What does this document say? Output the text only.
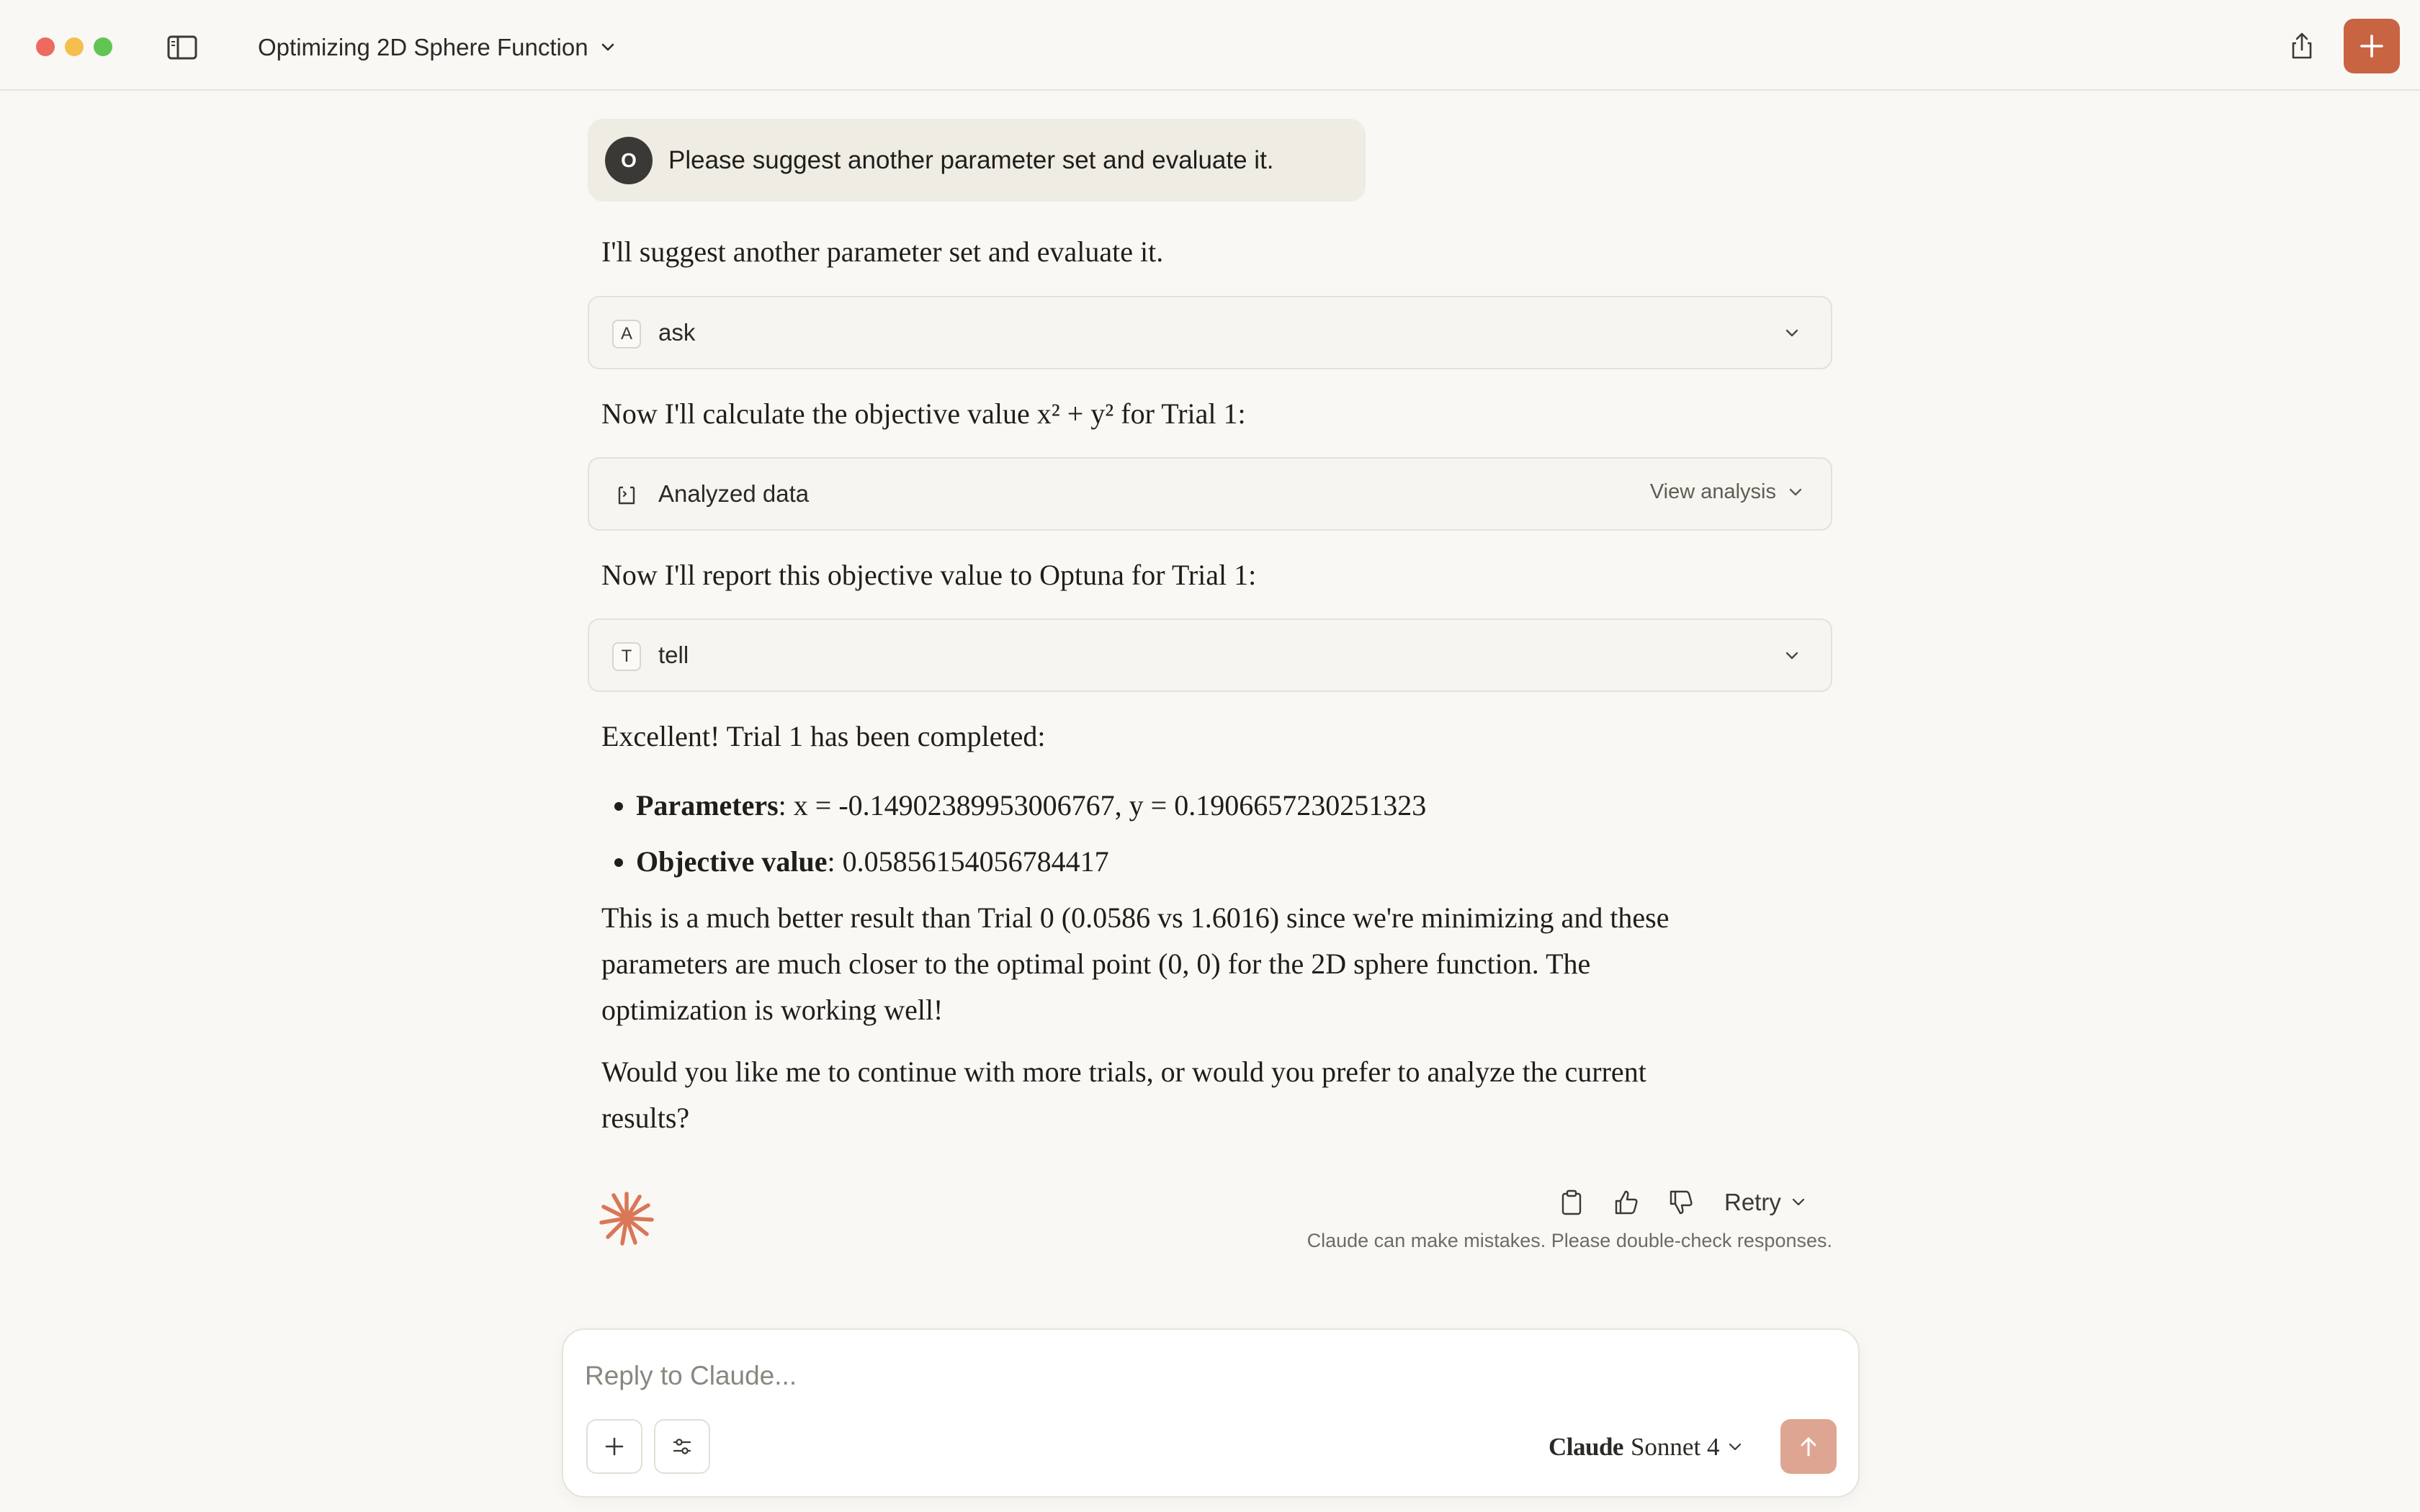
Optimizing 2D Sphere Function
O	Please suggest another parameter set and evaluate it.
I'll suggest another parameter set and evaluate it.
A	ask
Now I'll calculate the objective value x² + y² for Trial 1:
Analyzed data	View analysis
Now I'll report this objective value to Optuna for Trial 1:
T	tell
Excellent! Trial 1 has been completed:
Parameters: x = -0.14902389953006767, y = 0.1906657230251323
Objective value: 0.05856154056784417
This is a much better result than Trial 0 (0.0586 vs 1.6016) since we're minimizing and these
parameters are much closer to the optimal point (0, 0) for the 2D sphere function. The
optimization is working well!
Would you like me to continue with more trials, or would you prefer to analyze the current
results?
Retry
Claude can make mistakes. Please double-check responses.
Reply to Claude...
Claude Sonnet 4
